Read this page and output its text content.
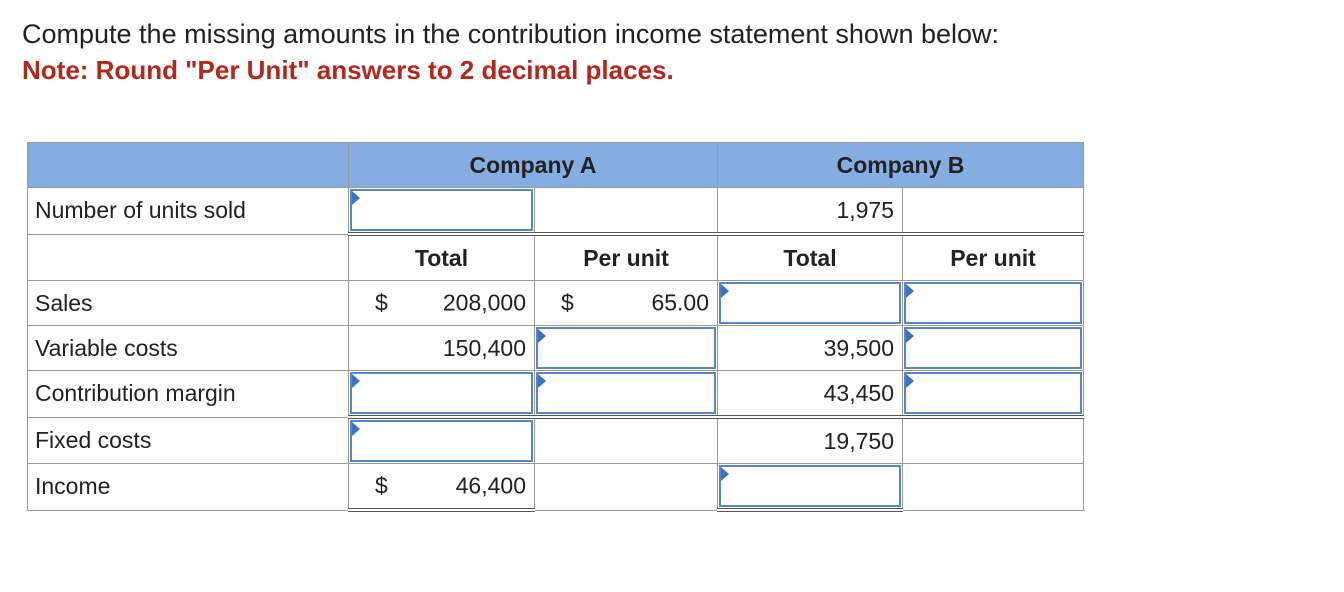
Compute the missing amounts in the contribution income statement shown below:
Note: Round "Per Unit" answers to 2 decimal places.
	Company A		Company B	
Number of units sold			1,975	
	Total	Per unit	Total	Per unit
Sales	$ 208,000	$ 65.00		

Variable costs	150,400		39,500	

Contribution margin			43,450	

Fixed costs			19,750	
Income	$ 46,400			
